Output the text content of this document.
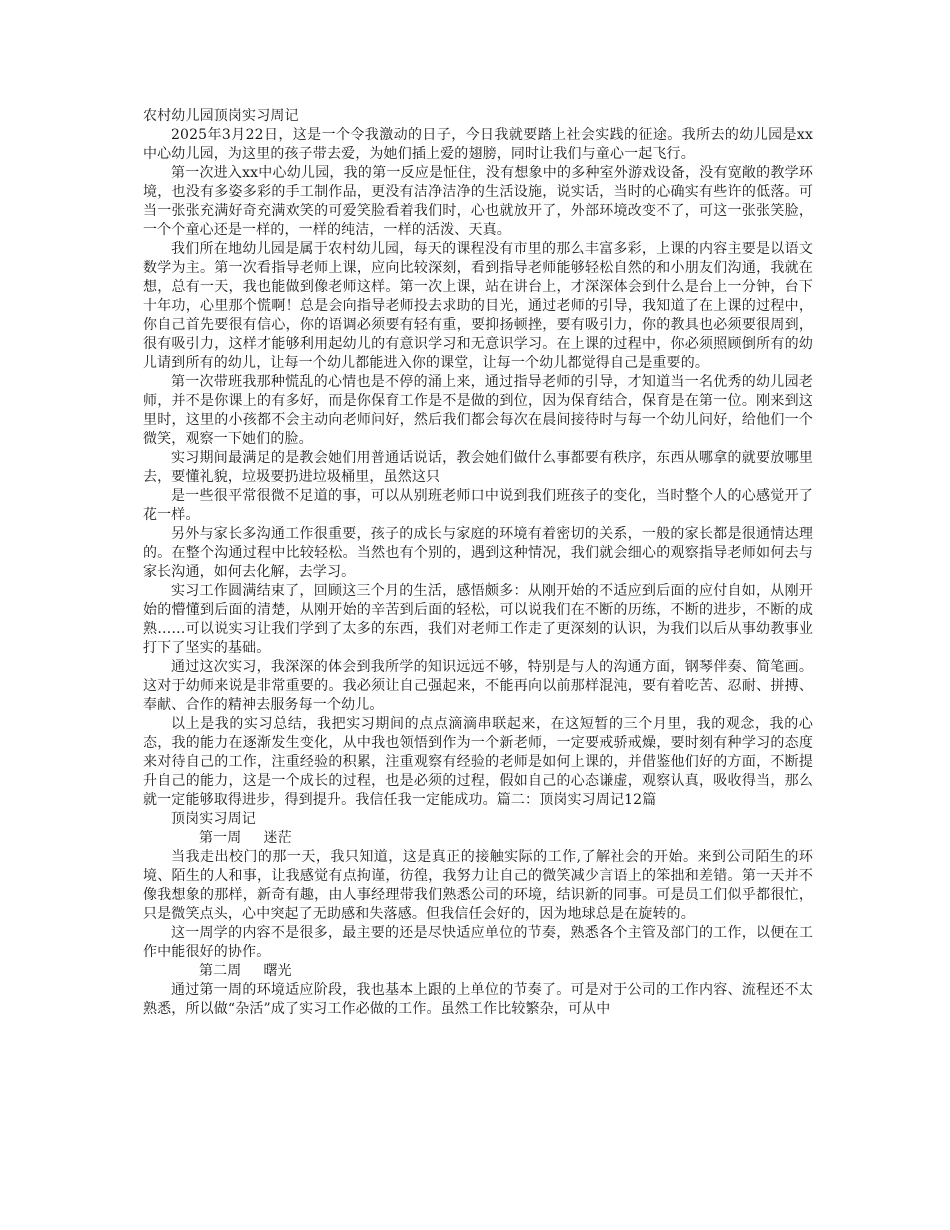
农村幼儿园顶岗实习周记

2025年3月22日，这是一个令我激动的日子，今日我就要踏上社会实践的征途。我所去的幼儿园是xx中心幼儿园，为这里的孩子带去爱，为她们插上爱的翅膀，同时让我们与童心一起飞行。

第一次进入xx中心幼儿园，我的第一反应是怔住，没有想象中的多种室外游戏设备，没有宽敞的教学环境，也没有多姿多彩的手工制作品，更没有洁净洁净的生活设施，说实话，当时的心确实有些许的低落。可当一张张充满好奇充满欢笑的可爱笑脸看着我们时，心也就放开了，外部环境改变不了，可这一张张笑脸，一个个童心还是一样的，一样的纯洁，一样的活泼、天真。

我们所在地幼儿园是属于农村幼儿园，每天的课程没有市里的那么丰富多彩，上课的内容主要是以语文数学为主。第一次看指导老师上课，应向比较深刻，看到指导老师能够轻松自然的和小朋友们沟通，我就在想，总有一天，我也能做到像老师这样。第一次上课，站在讲台上，才深深体会到什么是台上一分钟，台下十年功，心里那个慌啊！总是会向指导老师投去求助的目光，通过老师的引导，我知道了在上课的过程中，你自己首先要很有信心，你的语调必须要有轻有重，要抑扬顿挫，要有吸引力，你的教具也必须要很周到，很有吸引力，这样才能够利用起幼儿的有意识学习和无意识学习。在上课的过程中，你必须照顾倒所有的幼儿请到所有的幼儿，让每一个幼儿都能进入你的课堂，让每一个幼儿都觉得自己是重要的。

第一次带班我那种慌乱的心情也是不停的涌上来，通过指导老师的引导，才知道当一名优秀的幼儿园老师，并不是你课上的有多好，而是你保育工作是不是做的到位，因为保育结合，保育是在第一位。刚来到这里时，这里的小孩都不会主动向老师问好，然后我们都会每次在晨间接待时与每一个幼儿问好，给他们一个微笑，观察一下她们的脸。

实习期间最满足的是教会她们用普通话说话，教会她们做什么事都要有秩序，东西从哪拿的就要放哪里去，要懂礼貌，垃圾要扔进垃圾桶里，虽然这只

是一些很平常很微不足道的事，可以从别班老师口中说到我们班孩子的变化，当时整个人的心感觉开了花一样。

另外与家长多沟通工作很重要，孩子的成长与家庭的环境有着密切的关系，一般的家长都是很通情达理的。在整个沟通过程中比较轻松。当然也有个别的，遇到这种情况，我们就会细心的观察指导老师如何去与家长沟通，如何去化解，去学习。

实习工作圆满结束了，回顾这三个月的生活，感悟颇多：从刚开始的不适应到后面的应付自如，从刚开始的懵懂到后面的清楚，从刚开始的辛苦到后面的轻松，可以说我们在不断的历练，不断的进步，不断的成熟……可以说实习让我们学到了太多的东西，我们对老师工作走了更深刻的认识，为我们以后从事幼教事业打下了坚实的基础。

通过这次实习，我深深的体会到我所学的知识远远不够，特别是与人的沟通方面，钢琴伴奏、简笔画。这对于幼师来说是非常重要的。我必须让自己强起来，不能再向以前那样混沌，要有着吃苦、忍耐、拼搏、奉献、合作的精神去服务每一个幼儿。

以上是我的实习总结，我把实习期间的点点滴滴串联起来，在这短暂的三个月里，我的观念，我的心态，我的能力在逐渐发生变化，从中我也领悟到作为一个新老师，一定要戒骄戒燥，要时刻有种学习的态度来对待自己的工作，注重经验的积累，注重观察有经验的老师是如何上课的，并借鉴他们好的方面，不断提升自己的能力，这是一个成长的过程，也是必须的过程，假如自己的心态谦虚，观察认真，吸收得当，那么就一定能够取得进步，得到提升。我信任我一定能成功。篇二：顶岗实习周记12篇

顶岗实习周记

第一周 迷茫

当我走出校门的那一天，我只知道，这是真正的接触实际的工作,了解社会的开始。来到公司陌生的环境、陌生的人和事，让我感觉有点拘谨，彷徨，我努力让自己的微笑减少言语上的笨拙和差错。第一天并不像我想象的那样，新奇有趣，由人事经理带我们熟悉公司的环境，结识新的同事。可是员工们似乎都很忙，只是微笑点头，心中突起了无助感和失落感。但我信任会好的，因为地球总是在旋转的。

这一周学的内容不是很多，最主要的还是尽快适应单位的节奏，熟悉各个主管及部门的工作，以便在工作中能很好的协作。

第二周 曙光

通过第一周的环境适应阶段，我也基本上跟的上单位的节奏了。可是对于公司的工作内容、流程还不太熟悉，所以做“杂活”成了实习工作必做的工作。虽然工作比较繁杂，可从中
